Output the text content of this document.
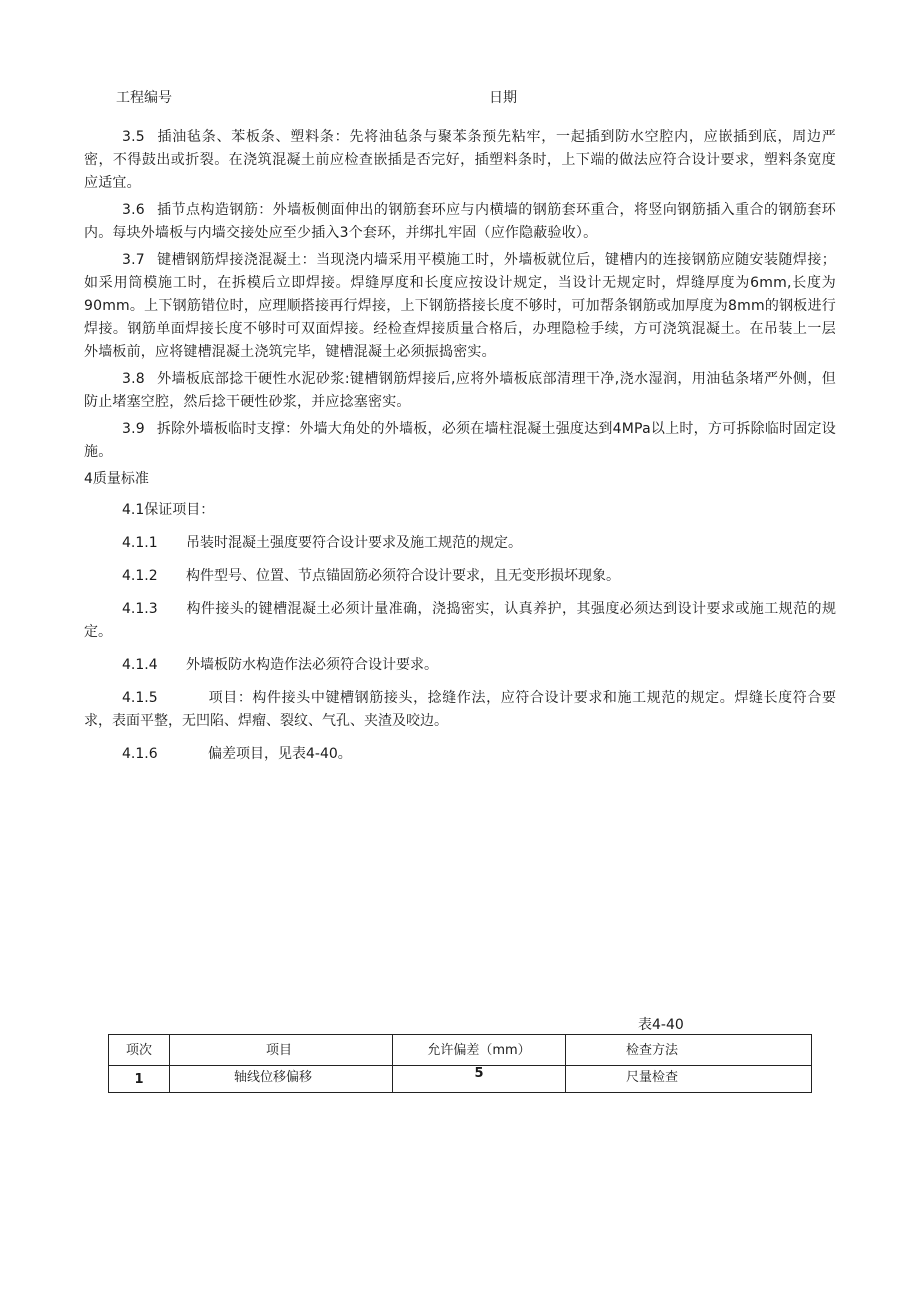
工程编号	日期

3.5 插油毡条、苯板条、塑料条：先将油毡条与聚苯条预先粘牢，一起插到防水空腔内，应嵌插到底，周边严密，不得鼓出或折裂。在浇筑混凝土前应检查嵌插是否完好，插塑料条时，上下端的做法应符合设计要求，塑料条宽度应适宜。

3.6 插节点构造钢筋：外墙板侧面伸出的钢筋套环应与内横墙的钢筋套环重合，将竖向钢筋插入重合的钢筋套环内。每块外墙板与内墙交接处应至少插入3个套环，并绑扎牢固（应作隐蔽验收）。

3.7 键槽钢筋焊接浇混凝土：当现浇内墙采用平模施工时，外墙板就位后，键槽内的连接钢筋应随安装随焊接；如采用筒模施工时，在拆模后立即焊接。焊缝厚度和长度应按设计规定，当设计无规定时，焊缝厚度为6mm,长度为90mm。上下钢筋错位时，应理顺搭接再行焊接，上下钢筋搭接长度不够时，可加帮条钢筋或加厚度为8mm的钢板进行焊接。钢筋单面焊接长度不够时可双面焊接。经检查焊接质量合格后，办理隐检手续，方可浇筑混凝土。在吊装上一层外墙板前，应将键槽混凝土浇筑完毕，键槽混凝土必须振捣密实。

3.8 外墙板底部捻干硬性水泥砂浆:键槽钢筋焊接后,应将外墙板底部清理干净,浇水湿润，用油毡条堵严外侧，但防止堵塞空腔，然后捻干硬性砂浆，并应捻塞密实。

3.9 拆除外墙板临时支撑：外墙大角处的外墙板，必须在墙柱混凝土强度达到4MPa以上时，方可拆除临时固定设施。

4质量标准
4.1保证项目：

4.1.1 吊装时混凝土强度要符合设计要求及施工规范的规定。

4.1.2 构件型号、位置、节点锚固筋必须符合设计要求，且无变形损坏现象。

4.1.3 构件接头的键槽混凝土必须计量准确，浇捣密实，认真养护，其强度必须达到设计要求或施工规范的规定。

4.1.4 外墙板防水构造作法必须符合设计要求。

4.1.5	项目：构件接头中键槽钢筋接头，捻缝作法，应符合设计要求和施工规范的规定。焊缝长度符合要求，表面平整，无凹陷、焊瘤、裂纹、气孔、夹渣及咬边。

4.1.6	偏差项目，见表4-40。

表4-40
项次	项目	允许偏差（mm）	检查方法
1	轴线位移偏移	5	尺量检查
